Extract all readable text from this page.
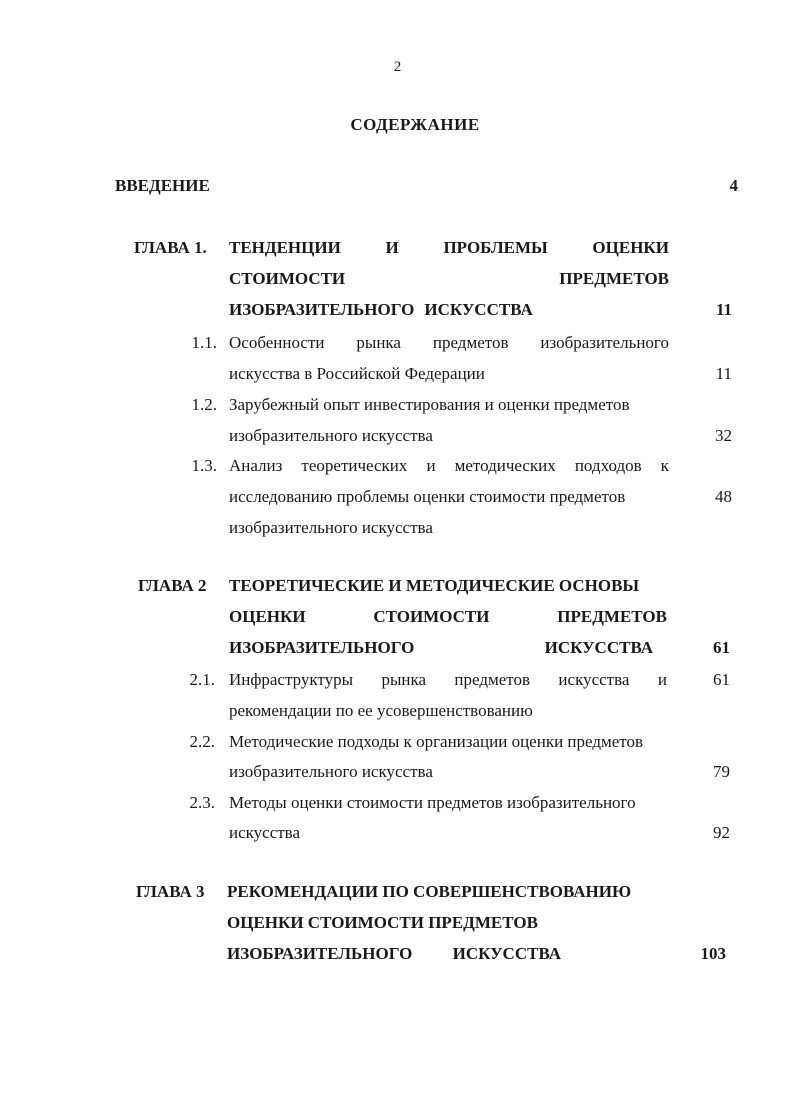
2
СОДЕРЖАНИЕ
ВВЕДЕНИЕ	4
ГЛАВА 1. ТЕНДЕНЦИИ	И	ПРОБЛЕМЫ	ОЦЕНКИ
СТОИМОСТИ	ПРЕДМЕТОВ
ИЗОБРАЗИТЕЛЬНОГО ИСКУССТВА	11
1.1. Особенности рынка предметов изобразительного
искусства в Российской Федерации	11
1.2. Зарубежный опыт инвестирования и оценки предметов
изобразительного искусства	32
1.3. Анализ теоретических и методических подходов к
исследованию проблемы оценки стоимости предметов	48
изобразительного искусства
ГЛАВА 2 ТЕОРЕТИЧЕСКИЕ И МЕТОДИЧЕСКИЕ ОСНОВЫ
ОЦЕНКИ	СТОИМОСТИ	ПРЕДМЕТОВ
ИЗОБРАЗИТЕЛЬНОГО	ИСКУССТВА	61
2.1. Инфраструктуры рынка предметов искусства и	61
рекомендации по ее усовершенствованию
2.2. Методические подходы к организации оценки предметов
изобразительного искусства	79
2.3. Методы оценки стоимости предметов изобразительного
искусства	92
ГЛАВА 3 РЕКОМЕНДАЦИИ ПО СОВЕРШЕНСТВОВАНИЮ
ОЦЕНКИ СТОИМОСТИ ПРЕДМЕТОВ
ИЗОБРАЗИТЕЛЬНОГО ИСКУССТВА	103
